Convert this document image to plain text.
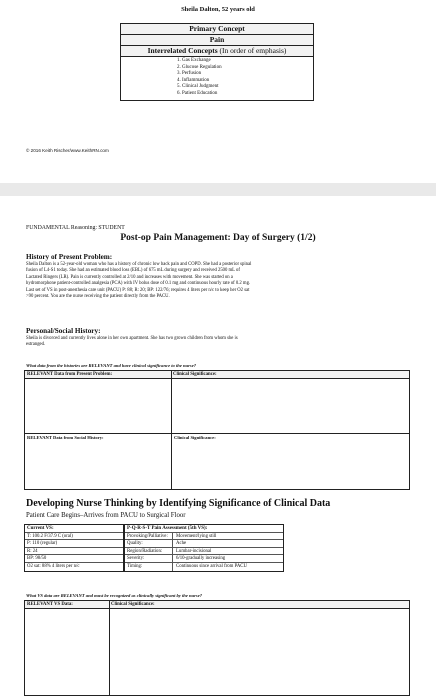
Sheila Dalton, 52 years old
Primary Concept
Pain
Interrelated Concepts (In order of emphasis)
1. Gas Exchange
2. Glucose Regulation
3. Perfusion
4. Inflammation
5. Clinical Judgment
6. Patient Education
© 2016 Keith Rischer/www.KeithRN.com
FUNDAMENTAL Reasoning: STUDENT
Post-op Pain Management: Day of Surgery (1/2)
History of Present Problem:
Sheila Dalton is a 52-year-old woman who has a history of chronic low back pain and COPD. She had a posterior spinal
fusion of L4-S1 today. She had an estimated blood loss (EBL) of 675 mL during surgery and received 2500 mL of
Lactated Ringers (LR). Pain is currently controlled at 2/10 and increases with movement. She was started on a
hydromorphone patient-controlled analgesia (PCA) with IV bolus dose of 0.1 mg and continuous hourly rate of 0.2 mg.
Last set of VS in post-anesthesia care unit (PACU) P: 88; R: 20; BP: 122/76; requires 4 liters per n/c to keep her O2 sat
>90 percent. You are the nurse receiving the patient directly from the PACU.
Personal/Social History:
Sheila is divorced and currently lives alone in her own apartment. She has two grown children from whom she is
estranged.
What data from the histories are RELEVANT and have clinical significance to the nurse?
RELEVANT Data from Present Problem:	Clinical Significance:
RELEVANT Data from Social History:	Clinical Significance:
Developing Nurse Thinking by Identifying Significance of Clinical Data
Patient Care Begins–Arrives from PACU to Surgical Floor
Current VS:
T: 100.2 F/37.9 C (oral)
P: 110 (regular)
R: 24
BP: 98/50
O2 sat: 88% 4 liters per n/c
P-Q-R-S-T Pain Assessment (5th VS):
Provoking/Palliative:	Movement/lying still
Quality:	Ache
Region/Radiation:	Lumbar-incisional
Severity:	6/10-gradually increasing
Timing:	Continuous since arrival from PACU
What VS data are RELEVANT and must be recognized as clinically significant by the nurse?
RELEVANT VS Data:	Clinical Significance:
